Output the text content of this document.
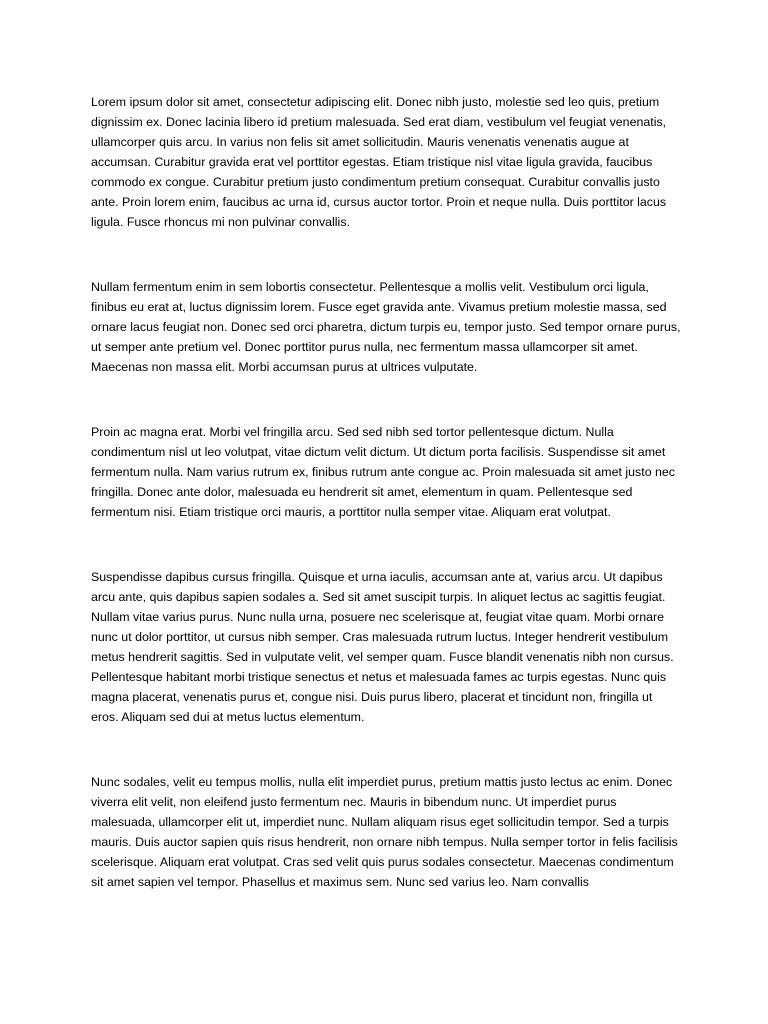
Lorem ipsum dolor sit amet, consectetur adipiscing elit. Donec nibh justo, molestie sed leo quis, pretium dignissim ex. Donec lacinia libero id pretium malesuada. Sed erat diam, vestibulum vel feugiat venenatis, ullamcorper quis arcu. In varius non felis sit amet sollicitudin. Mauris venenatis venenatis augue at accumsan. Curabitur gravida erat vel porttitor egestas. Etiam tristique nisl vitae ligula gravida, faucibus commodo ex congue. Curabitur pretium justo condimentum pretium consequat. Curabitur convallis justo ante. Proin lorem enim, faucibus ac urna id, cursus auctor tortor. Proin et neque nulla. Duis porttitor lacus ligula. Fusce rhoncus mi non pulvinar convallis.

Nullam fermentum enim in sem lobortis consectetur. Pellentesque a mollis velit. Vestibulum orci ligula, finibus eu erat at, luctus dignissim lorem. Fusce eget gravida ante. Vivamus pretium molestie massa, sed ornare lacus feugiat non. Donec sed orci pharetra, dictum turpis eu, tempor justo. Sed tempor ornare purus, ut semper ante pretium vel. Donec porttitor purus nulla, nec fermentum massa ullamcorper sit amet. Maecenas non massa elit. Morbi accumsan purus at ultrices vulputate.

Proin ac magna erat. Morbi vel fringilla arcu. Sed sed nibh sed tortor pellentesque dictum. Nulla condimentum nisl ut leo volutpat, vitae dictum velit dictum. Ut dictum porta facilisis. Suspendisse sit amet fermentum nulla. Nam varius rutrum ex, finibus rutrum ante congue ac. Proin malesuada sit amet justo nec fringilla. Donec ante dolor, malesuada eu hendrerit sit amet, elementum in quam. Pellentesque sed fermentum nisi. Etiam tristique orci mauris, a porttitor nulla semper vitae. Aliquam erat volutpat.

Suspendisse dapibus cursus fringilla. Quisque et urna iaculis, accumsan ante at, varius arcu. Ut dapibus arcu ante, quis dapibus sapien sodales a. Sed sit amet suscipit turpis. In aliquet lectus ac sagittis feugiat. Nullam vitae varius purus. Nunc nulla urna, posuere nec scelerisque at, feugiat vitae quam. Morbi ornare nunc ut dolor porttitor, ut cursus nibh semper. Cras malesuada rutrum luctus. Integer hendrerit vestibulum metus hendrerit sagittis. Sed in vulputate velit, vel semper quam. Fusce blandit venenatis nibh non cursus. Pellentesque habitant morbi tristique senectus et netus et malesuada fames ac turpis egestas. Nunc quis magna placerat, venenatis purus et, congue nisi. Duis purus libero, placerat et tincidunt non, fringilla ut eros. Aliquam sed dui at metus luctus elementum.

Nunc sodales, velit eu tempus mollis, nulla elit imperdiet purus, pretium mattis justo lectus ac enim. Donec viverra elit velit, non eleifend justo fermentum nec. Mauris in bibendum nunc. Ut imperdiet purus malesuada, ullamcorper elit ut, imperdiet nunc. Nullam aliquam risus eget sollicitudin tempor. Sed a turpis mauris. Duis auctor sapien quis risus hendrerit, non ornare nibh tempus. Nulla semper tortor in felis facilisis scelerisque. Aliquam erat volutpat. Cras sed velit quis purus sodales consectetur. Maecenas condimentum sit amet sapien vel tempor. Phasellus et maximus sem. Nunc sed varius leo. Nam convallis
